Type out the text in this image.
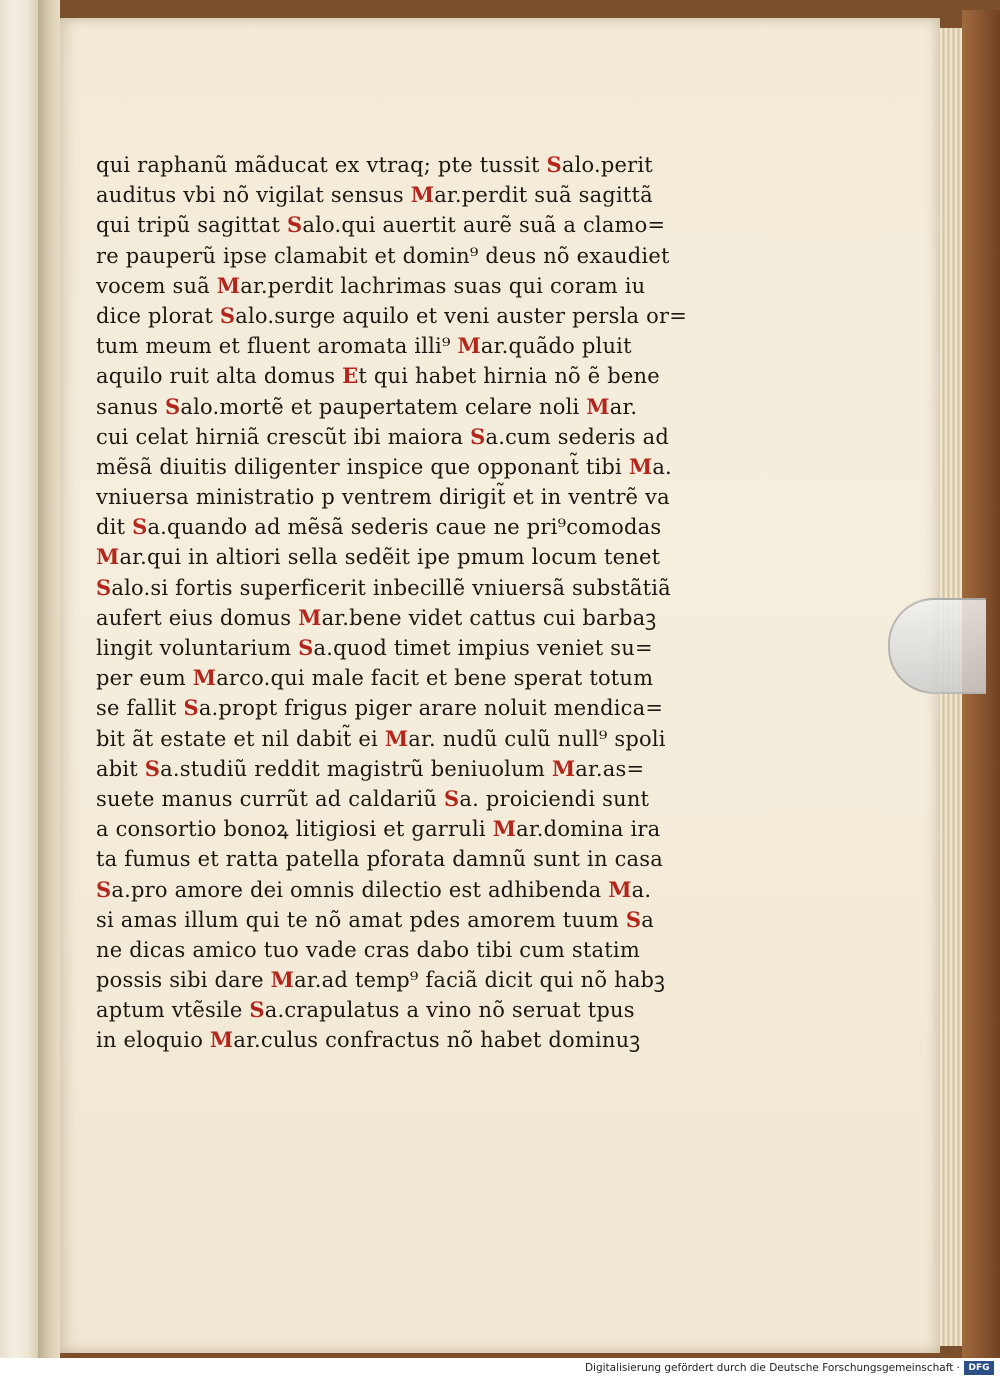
qui raphanũ mãducat ex vtraq; pte tussit Salo.perit
auditus vbi nõ vigilat sensus Mar.perdit suã sagittã
qui tripũ sagittat Salo.qui auertit aurẽ suã a clamo=
re pauperũ ipse clamabit et domin⁹ deus nõ exaudiet
vocem suã Mar.perdit lachrimas suas qui coram iu
dice plorat Salo.surge aquilo et veni auster persla or=
tum meum et fluent aromata illi⁹ Mar.quãdo pluit
aquilo ruit alta domus Et qui habet hirnia nõ ẽ bene
sanus Salo.mortẽ et paupertatem celare noli Mar.
cui celat hirniã crescũt ibi maiora Sa.cum sederis ad
mẽsã diuitis diligenter inspice que opponant̃ tibi Ma.
vniuersa ministratio p ventrem dirigit̃ et in ventrẽ va
dit Sa.quando ad mẽsã sederis caue ne pri⁹comodas
Mar.qui in altiori sella sedẽit ipe pmum locum tenet
Salo.si fortis superficerit inbecillẽ vniuersã substãtiã
aufert eius domus Mar.bene videt cattus cui barbaꝫ
lingit voluntarium Sa.quod timet impius veniet su=
per eum Marco.qui male facit et bene sperat totum
se fallit Sa.propt frigus piger arare noluit mendica=
bit ãt estate et nil dabit̃ ei Mar. nudũ culũ null⁹ spoli
abit Sa.studiũ reddit magistrũ beniuolum Mar.as=
suete manus currũt ad caldariũ Sa. proiciendi sunt
a consortio bonoꝝ litigiosi et garruli Mar.domina ira
ta fumus et ratta patella pforata damnũ sunt in casa
Sa.pro amore dei omnis dilectio est adhibenda Ma.
si amas illum qui te nõ amat pdes amorem tuum Sa
ne dicas amico tuo vade cras dabo tibi cum statim
possis sibi dare Mar.ad temp⁹ faciã dicit qui nõ habꝫ
aptum vtẽsile Sa.crapulatus a vino nõ seruat tpus
in eloquio Mar.culus confractus nõ habet dominuꝫ
Digitalisierung gefördert durch die Deutsche Forschungsgemeinschaft · DFG
